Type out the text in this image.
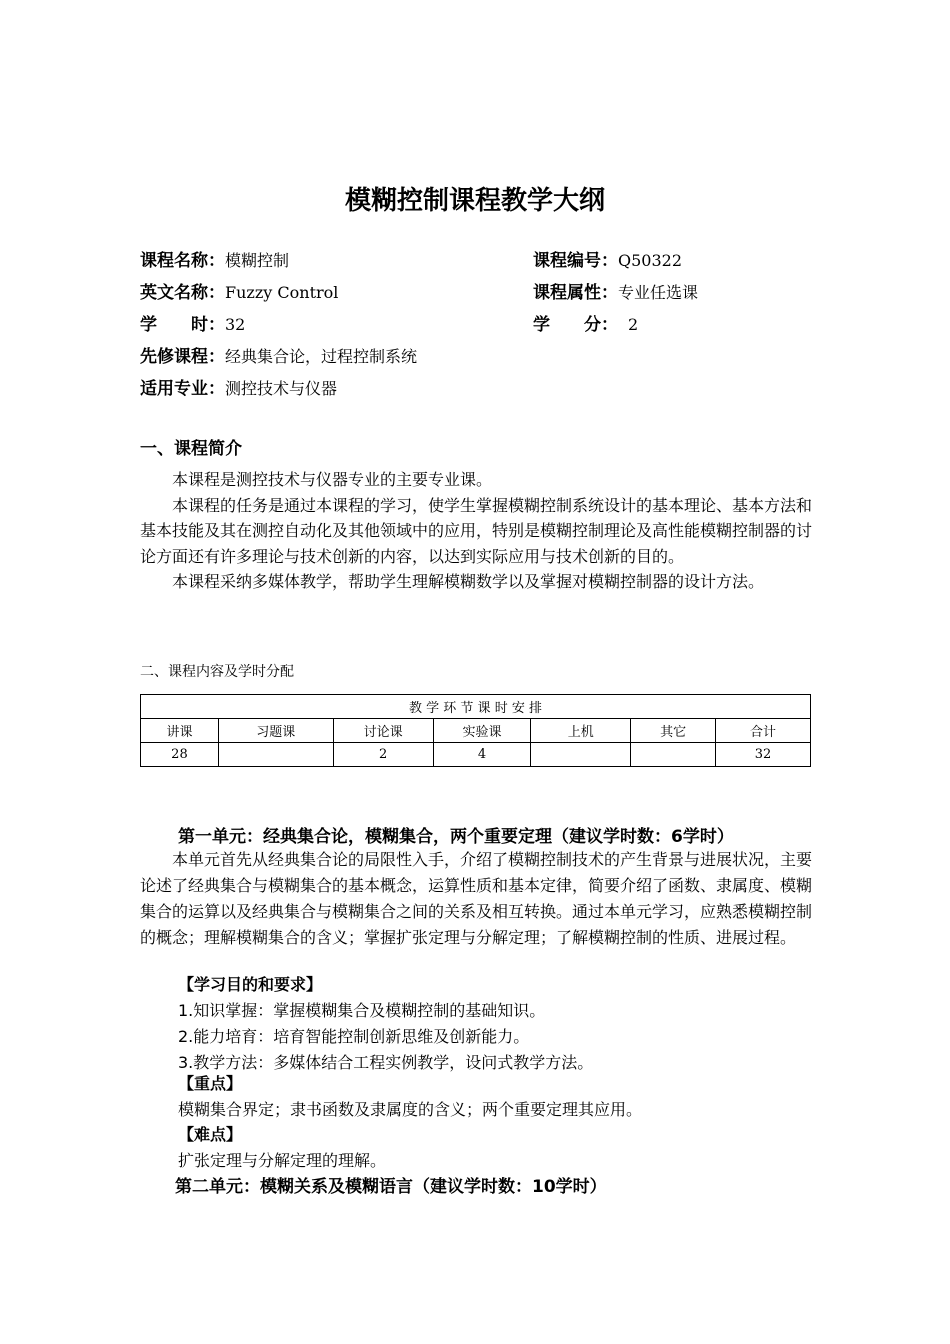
模糊控制课程教学大纲
课程名称：模糊控制	课程编号：Q50322
英文名称：Fuzzy Control	课程属性：专业任选课
学　　时：32	学　　分： 2
先修课程：经典集合论，过程控制系统
适用专业：测控技术与仪器
一、课程简介

本课程是测控技术与仪器专业的主要专业课。

本课程的任务是通过本课程的学习，使学生掌握模糊控制系统设计的基本理论、基本方法和基本技能及其在测控自动化及其他领域中的应用，特别是模糊控制理论及高性能模糊控制器的讨论方面还有许多理论与技术创新的内容，以达到实际应用与技术创新的目的。

本课程采纳多媒体教学，帮助学生理解模糊数学以及掌握对模糊控制器的设计方法。

二、课程内容及学时分配
教 学 环 节 课 时 安 排						
讲课	习题课	讨论课	实验课	上机	其它	合计
28		2	4			32
第一单元：经典集合论，模糊集合，两个重要定理（建议学时数：6学时）

本单元首先从经典集合论的局限性入手，介绍了模糊控制技术的产生背景与进展状况，主要论述了经典集合与模糊集合的基本概念，运算性质和基本定律，简要介绍了函数、隶属度、模糊集合的运算以及经典集合与模糊集合之间的关系及相互转换。通过本单元学习，应熟悉模糊控制的概念；理解模糊集合的含义；掌握扩张定理与分解定理；了解模糊控制的性质、进展过程。

【学习目的和要求】
1.知识掌握：掌握模糊集合及模糊控制的基础知识。
2.能力培育：培育智能控制创新思维及创新能力。
3.教学方法：多媒体结合工程实例教学，设问式教学方法。
【重点】
模糊集合界定；隶书函数及隶属度的含义；两个重要定理其应用。
【难点】
扩张定理与分解定理的理解。
第二单元：模糊关系及模糊语言（建议学时数：10学时）
